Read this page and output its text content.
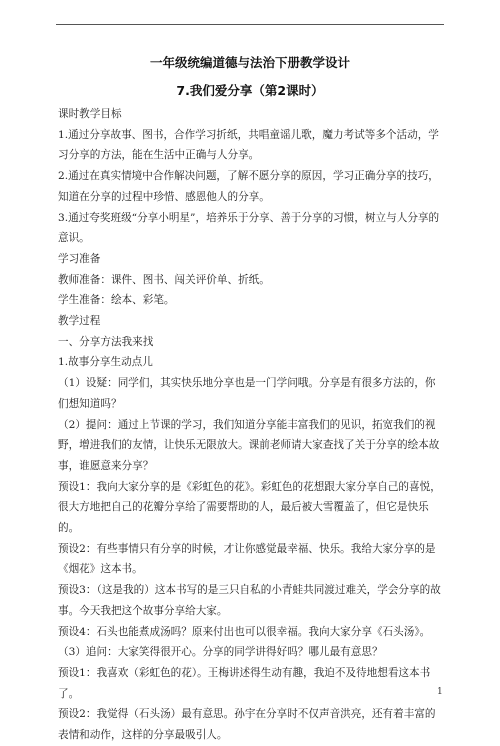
一年级统编道德与法治下册教学设计
7.我们爱分享（第2课时）

课时教学目标

1.通过分享故事、图书，合作学习折纸，共唱童谣儿歌，魔力考试等多个活动，学习分享的方法，能在生活中正确与人分享。

2.通过在真实情境中合作解决问题，了解不愿分享的原因，学习正确分享的技巧，知道在分享的过程中珍惜、感恩他人的分享。

3.通过夸奖班级“分享小明星”，培养乐于分享、善于分享的习惯，树立与人分享的意识。

学习准备

教师准备：课件、图书、闯关评价单、折纸。

学生准备：绘本、彩笔。

教学过程

一、分享方法我来找

1.故事分享生动点儿

（1）设疑：同学们，其实快乐地分享也是一门学问哦。分享是有很多方法的，你们想知道吗？

（2）提问：通过上节课的学习，我们知道分享能丰富我们的见识，拓宽我们的视野，增进我们的友情，让快乐无限放大。课前老师请大家查找了关于分享的绘本故事，谁愿意来分享？

预设1：我向大家分享的是《彩虹色的花》。彩虹色的花想跟大家分享自己的喜悦，很大方地把自己的花瓣分享给了需要帮助的人，最后被大雪覆盖了，但它是快乐的。

预设2：有些事情只有分享的时候，才让你感觉最幸福、快乐。我给大家分享的是《烟花》这本书。

预设3：（这是我的）这本书写的是三只自私的小青蛙共同渡过难关，学会分享的故事。今天我把这个故事分享给大家。

预设4：石头也能煮成汤吗？原来付出也可以很幸福。我向大家分享《石头汤》。

（3）追问：大家笑得很开心。分享的同学讲得好吗？哪儿最有意思？

预设1：我喜欢（彩虹色的花）。王梅讲述得生动有趣，我迫不及待地想看这本书了。

预设2：我觉得（石头汤）最有意思。孙宇在分享时不仅声音洪亮，还有着丰富的表情和动作，这样的分享最吸引人。

1
